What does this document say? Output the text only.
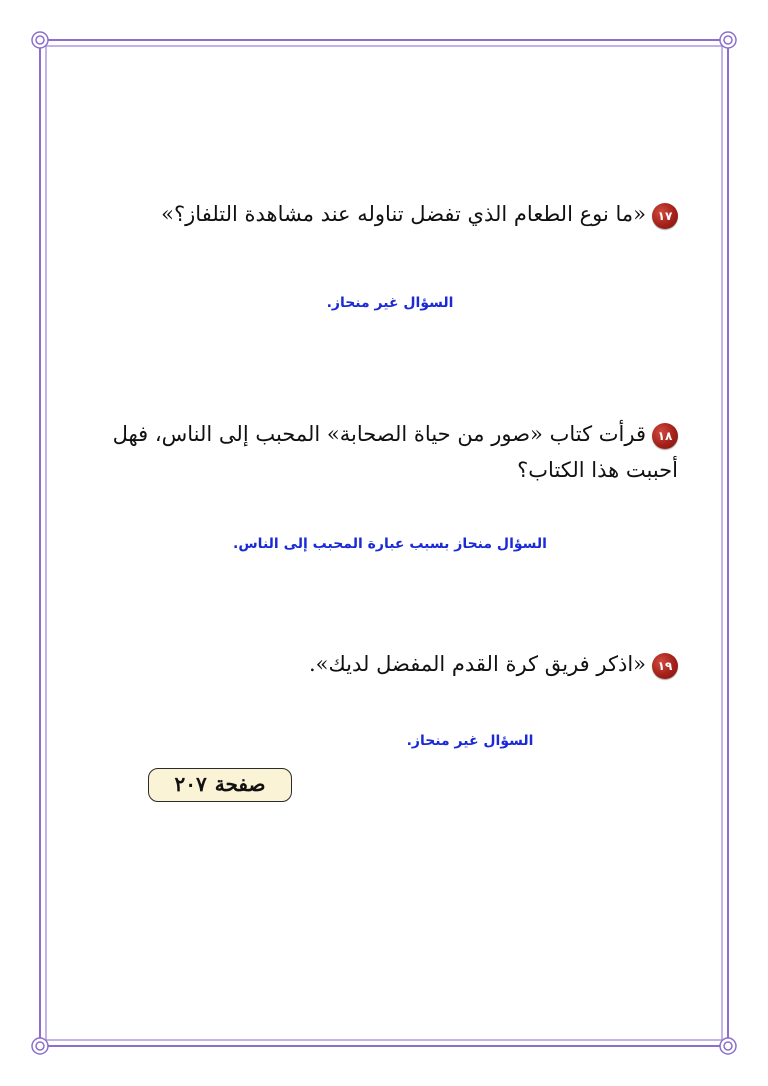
١٧«ما نوع الطعام الذي تفضل تناوله عند مشاهدة التلفاز؟»
السؤال غير منحاز.
١٨قرأت كتاب «صور من حياة الصحابة» المحبب إلى الناس، فهل أحببت هذا الكتاب؟
السؤال منحاز بسبب عبارة المحبب إلى الناس.
١٩«اذكر فريق كرة القدم المفضل لديك».
السؤال غير منحاز.
صفحة٢٠٧
